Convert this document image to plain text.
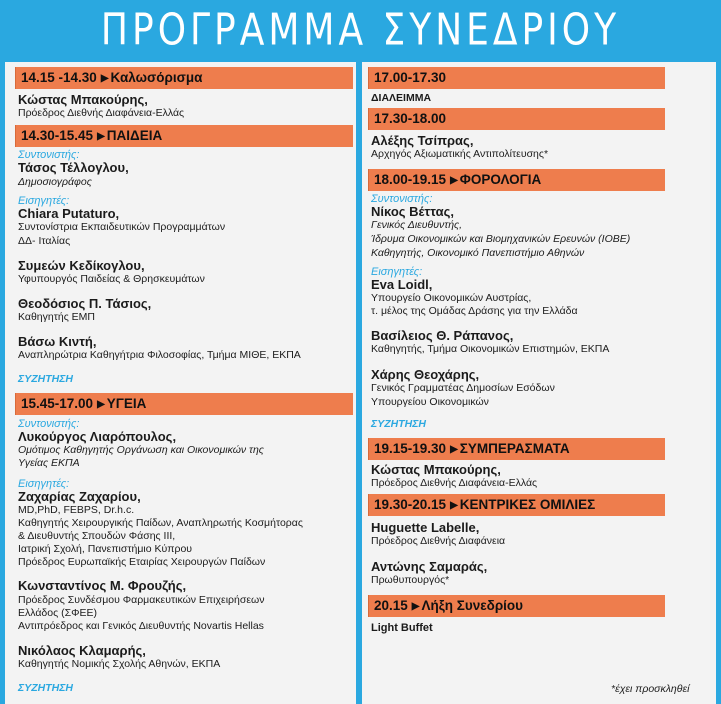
ΠΡΟΓΡΑΜΜΑ ΣΥΝΕΔΡΙΟΥ
14.15 -14.30 ▶ Καλωσόρισμα
Κώστας Μπακούρης,
Πρόεδρος Διεθνής Διαφάνεια-Ελλάς
14.30-15.45 ▶ ΠΑΙΔΕΙΑ
Συντονιστής:
Τάσος Τέλλογλου,
Δημοσιογράφος
Εισηγητές:
Chiara Putaturo,
Συντονίστρια Εκπαιδευτικών Προγραμμάτων
ΔΔ- Ιταλίας
Συμεών Κεδίκογλου,
Υφυπουργός Παιδείας & Θρησκευμάτων
Θεοδόσιος Π. Τάσιος,
Καθηγητής ΕΜΠ
Βάσω Κιντή,
Αναπληρώτρια Καθηγήτρια Φιλοσοφίας, Τμήμα ΜΙΘΕ, ΕΚΠΑ
ΣΥΖΗΤΗΣΗ
15.45-17.00 ▶ ΥΓΕΙΑ
Συντονιστής:
Λυκούργος Λιαρόπουλος,
Ομότιμος Καθηγητής Οργάνωση και Οικονομικών της
Υγείας ΕΚΠΑ
Εισηγητές:
Ζαχαρίας Ζαχαρίου,
MD,PhD, FEBPS, Dr.h.c.
Καθηγητής Χειρουργικής Παίδων, Αναπληρωτής Κοσμήτορας
& Διευθυντής Σπουδών Φάσης ΙΙΙ,
Ιατρική Σχολή, Πανεπιστήμιο Κύπρου
Πρόεδρος Ευρωπαϊκής Εταιρίας Χειρουργών Παίδων
Κωνσταντίνος Μ. Φρουζής,
Πρόεδρος Συνδέσμου Φαρμακευτικών Επιχειρήσεων
Ελλάδος (ΣΦΕΕ)
Αντιπρόεδρος και Γενικός Διευθυντής Novartis Hellas
Νικόλαος Κλαμαρής,
Καθηγητής Νομικής Σχολής Αθηνών, ΕΚΠΑ
ΣΥΖΗΤΗΣΗ
17.00-17.30
ΔΙΑΛΕΙΜΜΑ
17.30-18.00
Αλέξης Τσίπρας,
Αρχηγός Αξιωματικής Αντιπολίτευσης*
18.00-19.15 ▶ ΦΟΡΟΛΟΓΙΑ
Συντονιστής:
Νίκος Βέττας,
Γενικός Διευθυντής,
Ίδρυμα Οικονομικών και Βιομηχανικών Ερευνών (ΙΟΒΕ)
Καθηγητής, Οικονομικό Πανεπιστήμιο Αθηνών
Εισηγητές:
Eva Loidl,
Υπουργείο Οικονομικών Αυστρίας,
τ. μέλος της Ομάδας Δράσης για την Ελλάδα
Βασίλειος Θ. Ράπανος,
Καθηγητής, Τμήμα Οικονομικών Επιστημών, ΕΚΠΑ
Χάρης Θεοχάρης,
Γενικός Γραμματέας Δημοσίων Εσόδων
Υπουργείου Οικονομικών
ΣΥΖΗΤΗΣΗ
19.15-19.30 ▶ ΣΥΜΠΕΡΑΣΜΑΤΑ
Κώστας Μπακούρης,
Πρόεδρος Διεθνής Διαφάνεια-Ελλάς
19.30-20.15 ▶ ΚΕΝΤΡΙΚΕΣ ΟΜΙΛΙΕΣ
Huguette Labelle,
Πρόεδρος Διεθνής Διαφάνεια
Αντώνης Σαμαράς,
Πρωθυπουργός*
20.15 ▶ Λήξη Συνεδρίου
Light Buffet
*έχει προσκληθεί
